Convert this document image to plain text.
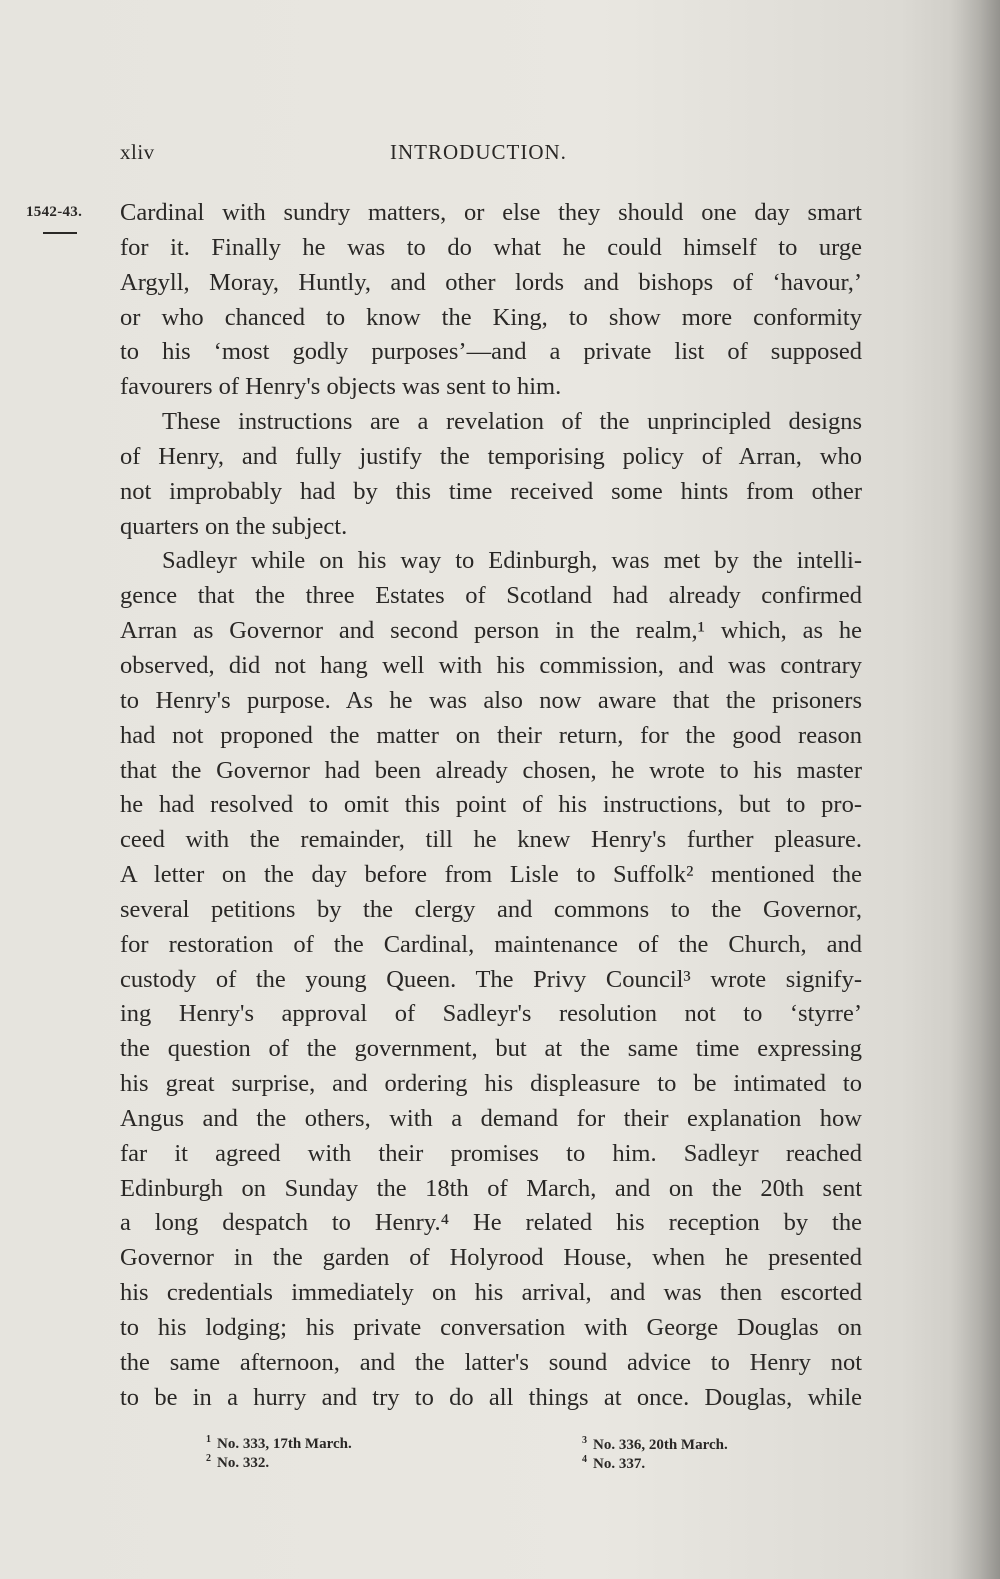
xliv	INTRODUCTION.
1542-43. Cardinal with sundry matters, or else they should one day smart
for it. Finally he was to do what he could himself to urge
Argyll, Moray, Huntly, and other lords and bishops of ‘havour,’
or who chanced to know the King, to show more conformity
to his ‘most godly purposes’—and a private list of supposed
favourers of Henry's objects was sent to him.
These instructions are a revelation of the unprincipled designs
of Henry, and fully justify the temporising policy of Arran, who
not improbably had by this time received some hints from other
quarters on the subject.
Sadleyr while on his way to Edinburgh, was met by the intelli-
gence that the three Estates of Scotland had already confirmed
Arran as Governor and second person in the realm,¹ which, as he
observed, did not hang well with his commission, and was contrary
to Henry's purpose. As he was also now aware that the prisoners
had not proponed the matter on their return, for the good reason
that the Governor had been already chosen, he wrote to his master
he had resolved to omit this point of his instructions, but to pro-
ceed with the remainder, till he knew Henry's further pleasure.
A letter on the day before from Lisle to Suffolk² mentioned the
several petitions by the clergy and commons to the Governor,
for restoration of the Cardinal, maintenance of the Church, and
custody of the young Queen. The Privy Council³ wrote signify-
ing Henry's approval of Sadleyr's resolution not to ‘styrre’
the question of the government, but at the same time expressing
his great surprise, and ordering his displeasure to be intimated to
Angus and the others, with a demand for their explanation how
far it agreed with their promises to him. Sadleyr reached
Edinburgh on Sunday the 18th of March, and on the 20th sent
a long despatch to Henry.⁴ He related his reception by the
Governor in the garden of Holyrood House, when he presented
his credentials immediately on his arrival, and was then escorted
to his lodging; his private conversation with George Douglas on
the same afternoon, and the latter's sound advice to Henry not
to be in a hurry and try to do all things at once. Douglas, while
$^1$ No. 333, 17th March.
$^2$ No. 332.
$^3$ No. 336, 20th March.
$^4$ No. 337.
